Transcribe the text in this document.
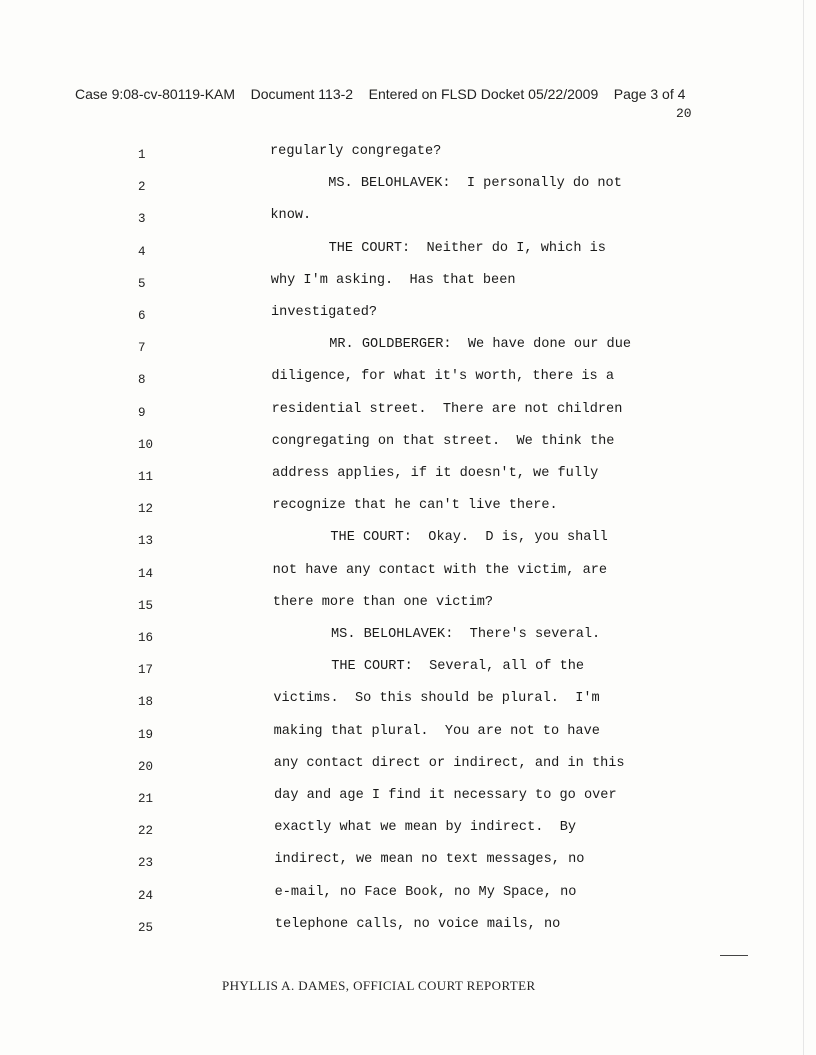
Case 9:08-cv-80119-KAM Document 113-2 Entered on FLSD Docket 05/22/2009 Page 3 of 4
20
1	regularly congregate?
2	MS. BELOHLAVEK:  I personally do not
3	know.
4	THE COURT:  Neither do I, which is
5	why I'm asking.  Has that been
6	investigated?
7	MR. GOLDBERGER:  We have done our due
8	diligence, for what it's worth, there is a
9	residential street.  There are not children
10	congregating on that street.  We think the
11	address applies, if it doesn't, we fully
12	recognize that he can't live there.
13	THE COURT:  Okay.  D is, you shall
14	not have any contact with the victim, are
15	there more than one victim?
16	MS. BELOHLAVEK:  There's several.
17	THE COURT:  Several, all of the
18	victims.  So this should be plural.  I'm
19	making that plural.  You are not to have
20	any contact direct or indirect, and in this
21	day and age I find it necessary to go over
22	exactly what we mean by indirect.  By
23	indirect, we mean no text messages, no
24	e-mail, no Face Book, no My Space, no
25	telephone calls, no voice mails, no
PHYLLIS A. DAMES, OFFICIAL COURT REPORTER
